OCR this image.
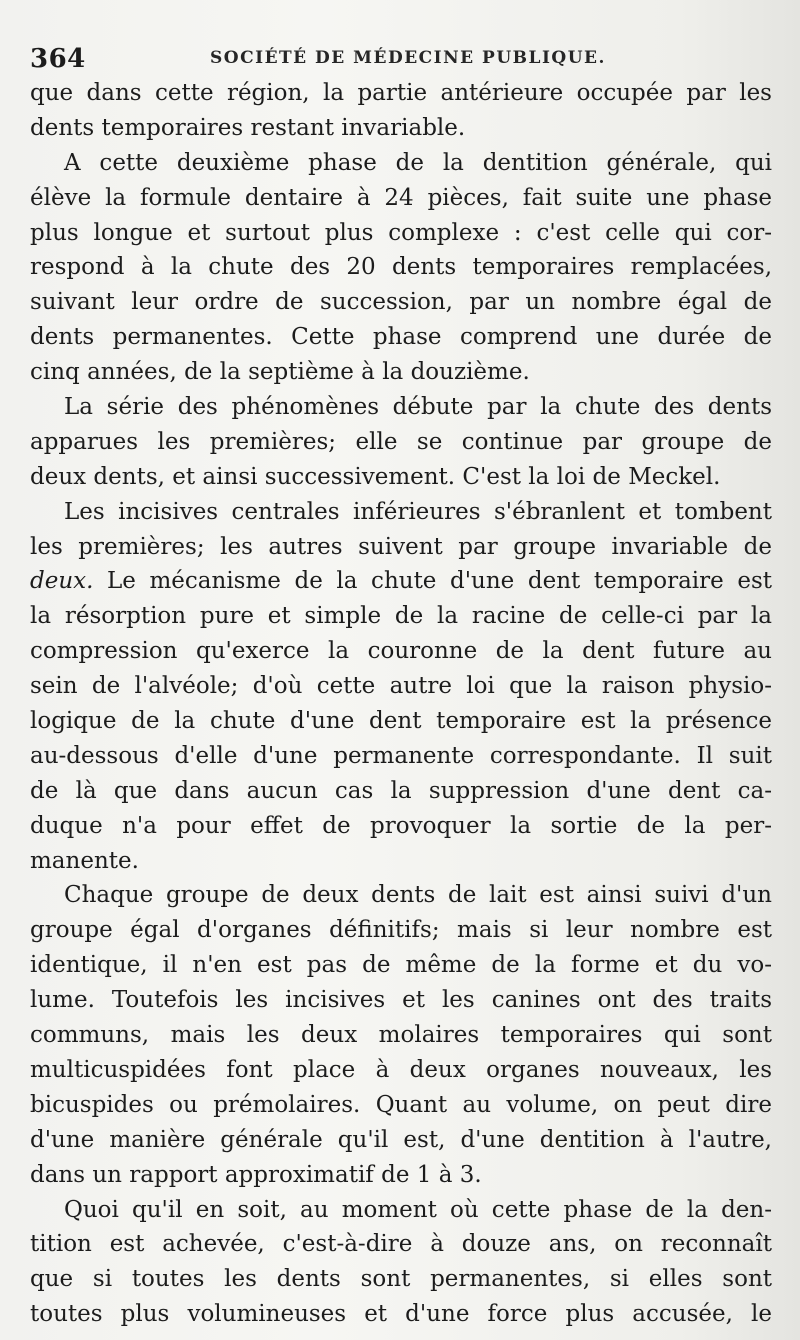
364	SOCIÉTÉ DE MÉDECINE PUBLIQUE.
que dans cette région, la partie antérieure occupée par les
dents temporaires restant invariable.
A cette deuxième phase de la dentition générale, qui
élève la formule dentaire à 24 pièces, fait suite une phase
plus longue et surtout plus complexe : c'est celle qui cor-
respond à la chute des 20 dents temporaires remplacées,
suivant leur ordre de succession, par un nombre égal de
dents permanentes. Cette phase comprend une durée de
cinq années, de la septième à la douzième.
La série des phénomènes débute par la chute des dents
apparues les premières; elle se continue par groupe de
deux dents, et ainsi successivement. C'est la loi de Meckel.
Les incisives centrales inférieures s'ébranlent et tombent
les premières; les autres suivent par groupe invariable de
deux. Le mécanisme de la chute d'une dent temporaire est
la résorption pure et simple de la racine de celle-ci par la
compression qu'exerce la couronne de la dent future au
sein de l'alvéole; d'où cette autre loi que la raison physio-
logique de la chute d'une dent temporaire est la présence
au-dessous d'elle d'une permanente correspondante. Il suit
de là que dans aucun cas la suppression d'une dent ca-
duque n'a pour effet de provoquer la sortie de la per-
manente.
Chaque groupe de deux dents de lait est ainsi suivi d'un
groupe égal d'organes définitifs; mais si leur nombre est
identique, il n'en est pas de même de la forme et du vo-
lume. Toutefois les incisives et les canines ont des traits
communs, mais les deux molaires temporaires qui sont
multicuspidées font place à deux organes nouveaux, les
bicuspides ou prémolaires. Quant au volume, on peut dire
d'une manière générale qu'il est, d'une dentition à l'autre,
dans un rapport approximatif de 1 à 3.
Quoi qu'il en soit, au moment où cette phase de la den-
tition est achevée, c'est-à-dire à douze ans, on reconnaît
que si toutes les dents sont permanentes, si elles sont
toutes plus volumineuses et d'une force plus accusée, le
